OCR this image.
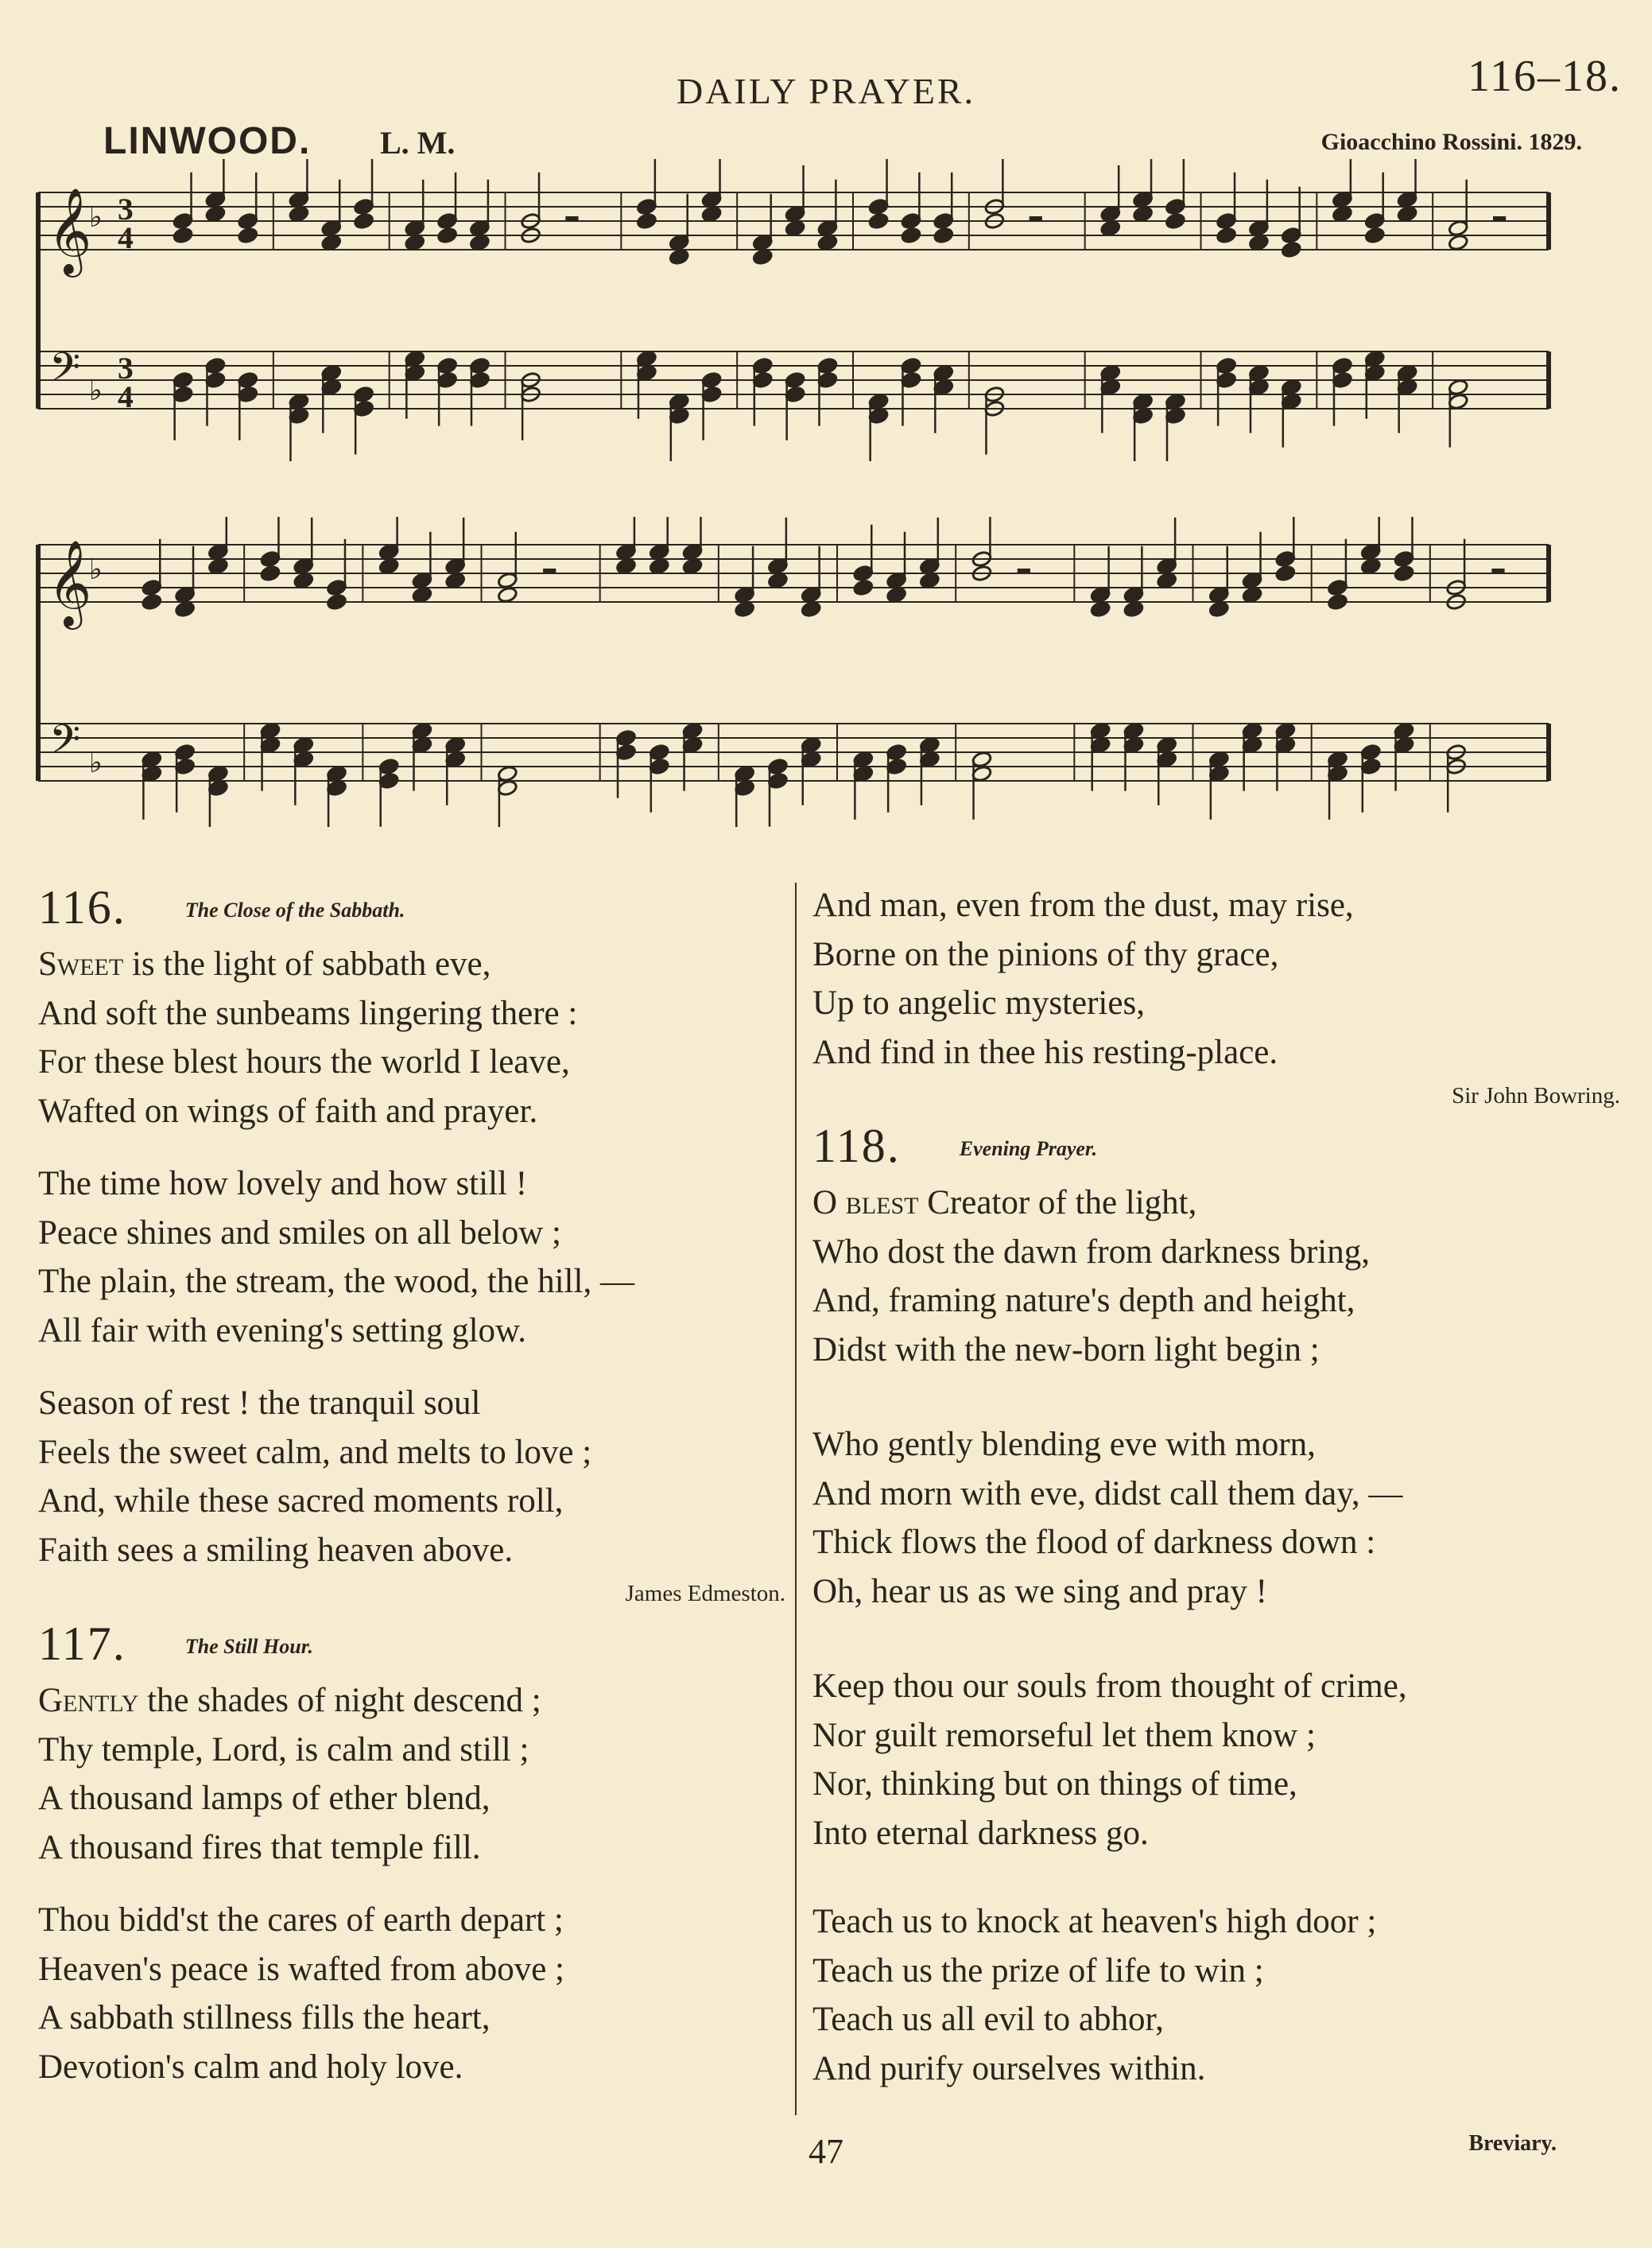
DAILY PRAYER.	116–18.
LINWOOD. L. M.	Gioacchino Rossini. 1829.
𝄞
𝄢
♭
♭
3
4
3
4
𝄞
𝄢
♭
♭
116.	The Close of the Sabbath.
Sweet is the light of sabbath eve,
And soft the sunbeams lingering there :
For these blest hours the world I leave,
Wafted on wings of faith and prayer.
The time how lovely and how still !
Peace shines and smiles on all below ;
The plain, the stream, the wood, the hill, —
All fair with evening's setting glow.
Season of rest ! the tranquil soul
Feels the sweet calm, and melts to love ;
And, while these sacred moments roll,
Faith sees a smiling heaven above.
James Edmeston.
117.	The Still Hour.
Gently the shades of night descend ;
Thy temple, Lord, is calm and still ;
A thousand lamps of ether blend,
A thousand fires that temple fill.
Thou bidd'st the cares of earth depart ;
Heaven's peace is wafted from above ;
A sabbath stillness fills the heart,
Devotion's calm and holy love.
And man, even from the dust, may rise,
Borne on the pinions of thy grace,
Up to angelic mysteries,
And find in thee his resting-place.
Sir John Bowring.
118.	Evening Prayer.
O blest Creator of the light,
Who dost the dawn from darkness bring,
And, framing nature's depth and height,
Didst with the new-born light begin ;
Who gently blending eve with morn,
And morn with eve, didst call them day, —
Thick flows the flood of darkness down :
Oh, hear us as we sing and pray !
Keep thou our souls from thought of crime,
Nor guilt remorseful let them know ;
Nor, thinking but on things of time,
Into eternal darkness go.
Teach us to knock at heaven's high door ;
Teach us the prize of life to win ;
Teach us all evil to abhor,
And purify ourselves within.
47	Breviary.
